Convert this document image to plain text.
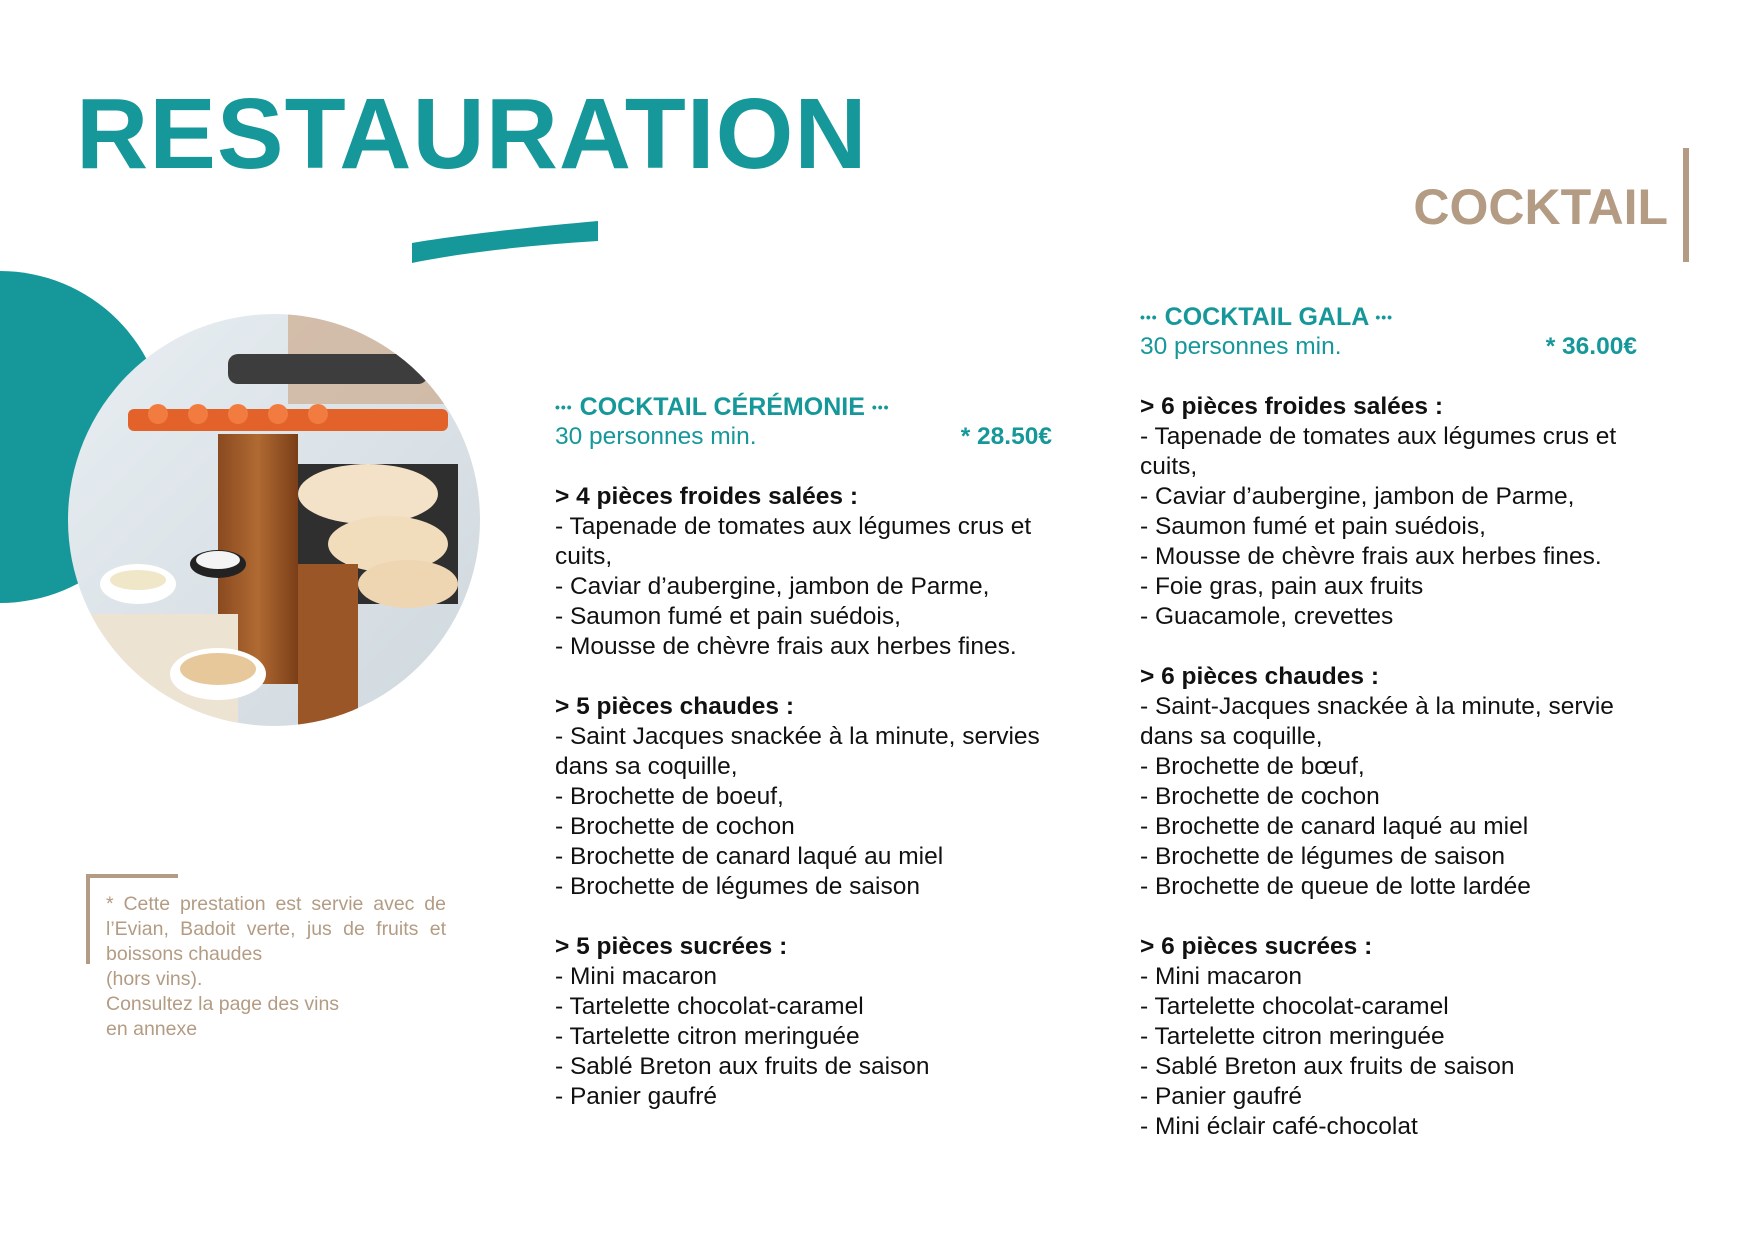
RESTAURATION
COCKTAIL
••• COCKTAIL CÉRÉMONIE •••
30 personnes min.	* 28.50€
> 4 pièces froides salées :
- Tapenade de tomates aux légumes crus et cuits,
- Caviar d’aubergine, jambon de Parme,
- Saumon fumé et pain suédois,
- Mousse de chèvre frais aux herbes fines.
> 5 pièces chaudes :
- Saint Jacques snackée à la minute, servies dans sa coquille,
- Brochette de boeuf,
- Brochette de cochon
- Brochette de canard laqué au miel
- Brochette de légumes de saison
> 5 pièces sucrées :
- Mini macaron
- Tartelette chocolat-caramel
- Tartelette citron meringuée
- Sablé Breton aux fruits de saison
- Panier gaufré
••• COCKTAIL GALA •••
30 personnes min.	* 36.00€
> 6 pièces froides salées :
- Tapenade de tomates aux légumes crus et cuits,
- Caviar d’aubergine, jambon de Parme,
- Saumon fumé et pain suédois,
- Mousse de chèvre frais aux herbes fines.
- Foie gras, pain aux fruits
- Guacamole, crevettes
> 6 pièces chaudes :
- Saint-Jacques snackée à la minute, servie dans sa coquille,
- Brochette de bœuf,
- Brochette de cochon
- Brochette de canard laqué au miel
- Brochette de légumes de saison
- Brochette de queue de lotte lardée
> 6 pièces sucrées :
- Mini macaron
- Tartelette chocolat-caramel
- Tartelette citron meringuée
- Sablé Breton aux fruits de saison
- Panier gaufré
- Mini éclair café-chocolat
* Cette prestation est servie avec de l’Evian, Badoit verte, jus de fruits et boissons chaudes
(hors vins).
Consultez la page des vins
en annexe
